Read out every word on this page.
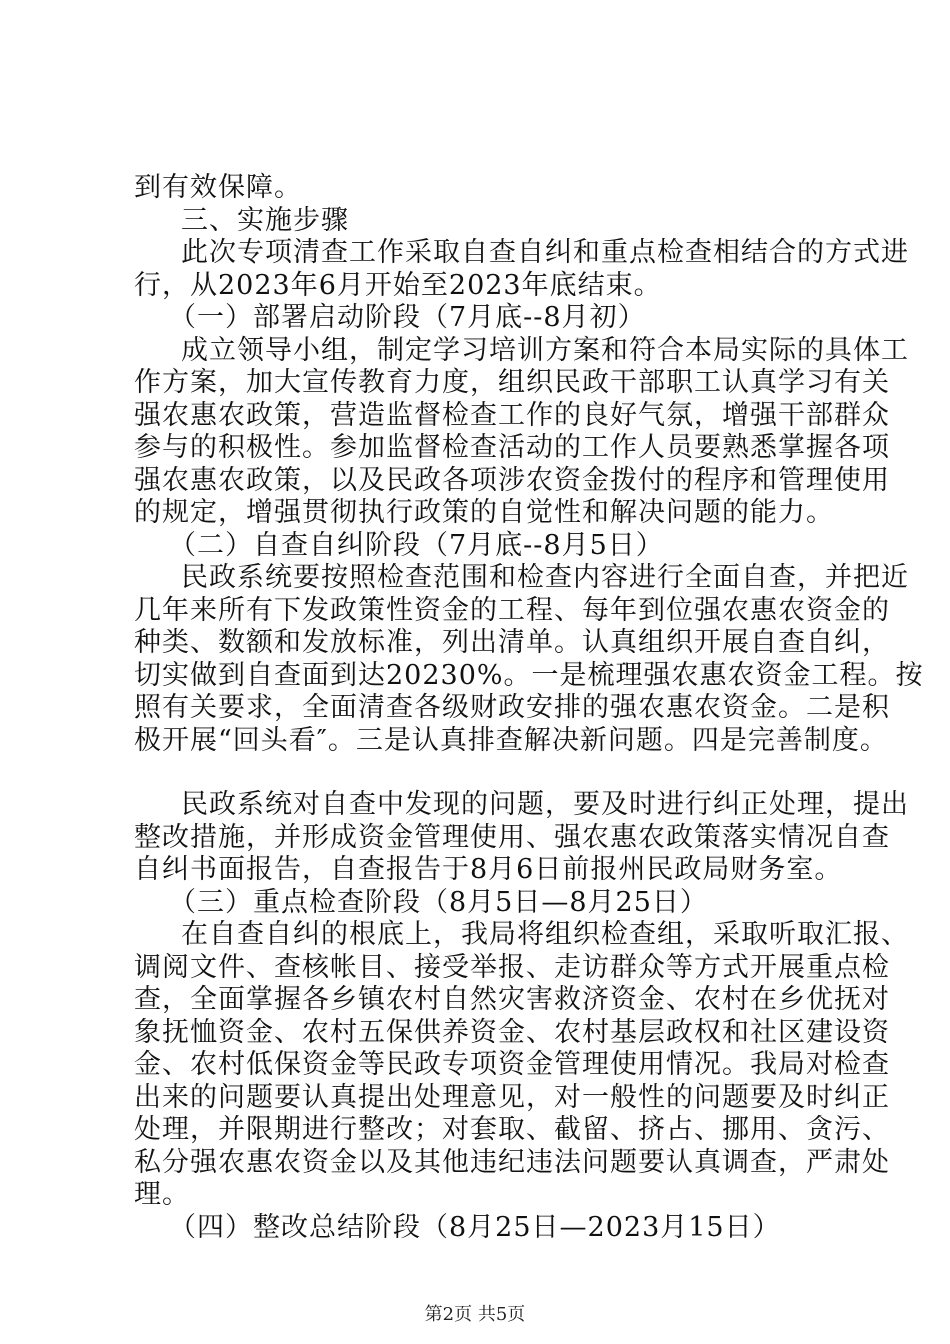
到有效保障。

三、实施步骤

此次专项清查工作采取自查自纠和重点检查相结合的方式进

行，从2023年6月开始至2023年底结束。

（一）部署启动阶段（7月底--8月初）

成立领导小组，制定学习培训方案和符合本局实际的具体工

作方案，加大宣传教育力度，组织民政干部职工认真学习有关

强农惠农政策，营造监督检查工作的良好气氛，增强干部群众

参与的积极性。参加监督检查活动的工作人员要熟悉掌握各项

强农惠农政策，以及民政各项涉农资金拨付的程序和管理使用

的规定，增强贯彻执行政策的自觉性和解决问题的能力。

（二）自查自纠阶段（7月底--8月5日）

民政系统要按照检查范围和检查内容进行全面自查，并把近

几年来所有下发政策性资金的工程、每年到位强农惠农资金的

种类、数额和发放标准，列出清单。认真组织开展自查自纠，

切实做到自查面到达20230%。一是梳理强农惠农资金工程。按

照有关要求，全面清查各级财政安排的强农惠农资金。二是积

极开展“回头看″。三是认真排查解决新问题。四是完善制度。

民政系统对自查中发现的问题，要及时进行纠正处理，提出

整改措施，并形成资金管理使用、强农惠农政策落实情况自查

自纠书面报告，自查报告于8月6日前报州民政局财务室。

（三）重点检查阶段（8月5日—8月25日）

在自查自纠的根底上，我局将组织检查组，采取听取汇报、

调阅文件、查核帐目、接受举报、走访群众等方式开展重点检

查，全面掌握各乡镇农村自然灾害救济资金、农村在乡优抚对

象抚恤资金、农村五保供养资金、农村基层政权和社区建设资

金、农村低保资金等民政专项资金管理使用情况。我局对检查

出来的问题要认真提出处理意见，对一般性的问题要及时纠正

处理，并限期进行整改；对套取、截留、挤占、挪用、贪污、

私分强农惠农资金以及其他违纪违法问题要认真调查，严肃处

理。

（四）整改总结阶段（8月25日—2023月15日）

第2页 共5页
